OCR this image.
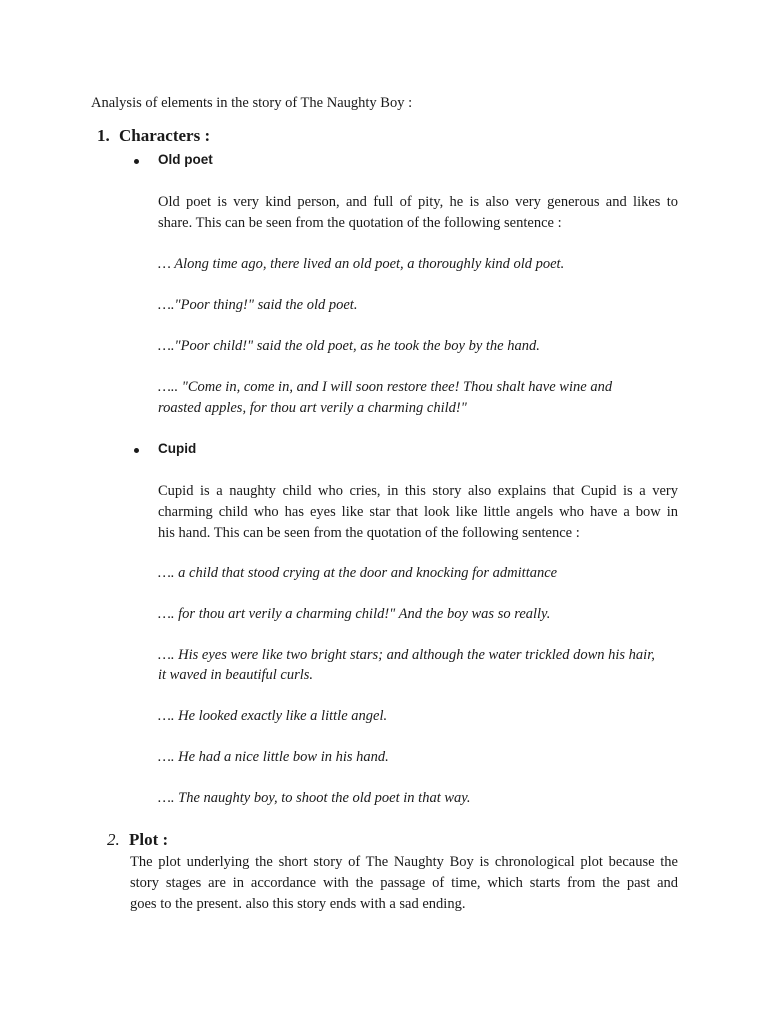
Analysis of elements in the story of The Naughty Boy :
1. Characters :
Old poet
Old poet is very kind person, and full of pity, he is also very generous and likes to
share. This can be seen from the quotation of the following sentence :
… Along time ago, there lived an old poet, a thoroughly kind old poet.
…."Poor thing!" said the old poet.
…."Poor child!" said the old poet, as he took the boy by the hand.
….. "Come in, come in, and I will soon restore thee! Thou shalt have wine and
roasted apples, for thou art verily a charming child!"
Cupid
Cupid is a naughty child who cries, in this story also explains that Cupid is a very
charming child who has eyes like star that look like little angels who have a bow in
his hand. This can be seen from the quotation of the following sentence :
…. a child that stood crying at the door and knocking for admittance
…. for thou art verily a charming child!" And the boy was so really.
…. His eyes were like two bright stars; and although the water trickled down his hair,
it waved in beautiful curls.
…. He looked exactly like a little angel.
…. He had a nice little bow in his hand.
…. The naughty boy, to shoot the old poet in that way.
2. Plot :
The plot underlying the short story of The Naughty Boy is chronological plot because the
story stages are in accordance with the passage of time, which starts from the past and
goes to the present. also this story ends with a sad ending.
